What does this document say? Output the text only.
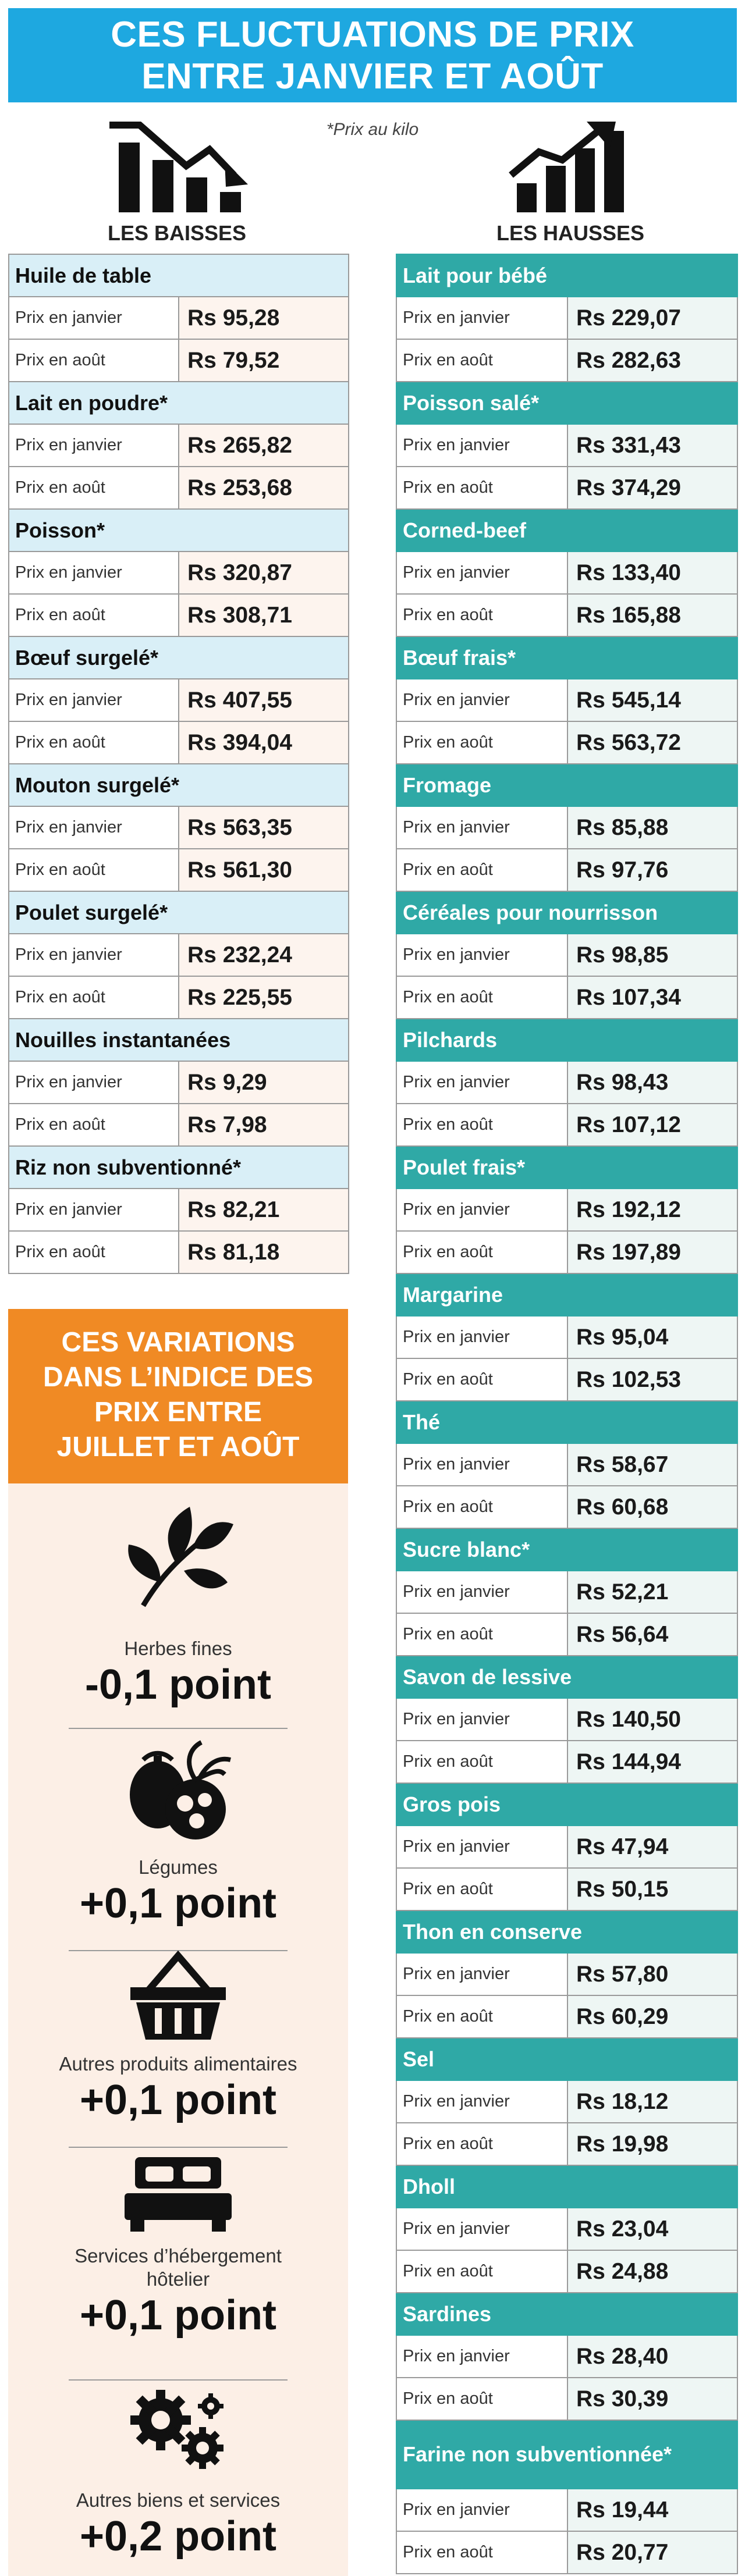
CES FLUCTUATIONS DE PRIX
ENTRE JANVIER ET AOÛT
*Prix au kilo
LES BAISSES	LES HAUSSES
Huile de table	
Prix en janvier	Rs 95,28
Prix en août	Rs 79,52
Lait en poudre*	
Prix en janvier	Rs 265,82
Prix en août	Rs 253,68
Poisson*	
Prix en janvier	Rs 320,87
Prix en août	Rs 308,71
Bœuf surgelé*	
Prix en janvier	Rs 407,55
Prix en août	Rs 394,04
Mouton surgelé*	
Prix en janvier	Rs 563,35
Prix en août	Rs 561,30
Poulet surgelé*	
Prix en janvier	Rs 232,24
Prix en août	Rs 225,55
Nouilles instantanées	
Prix en janvier	Rs 9,29
Prix en août	Rs 7,98
Riz non subventionné*	
Prix en janvier	Rs 82,21
Prix en août	Rs 81,18
Lait pour bébé	
Prix en janvier	Rs 229,07
Prix en août	Rs 282,63
Poisson salé*	
Prix en janvier	Rs 331,43
Prix en août	Rs 374,29
Corned-beef	
Prix en janvier	Rs 133,40
Prix en août	Rs 165,88
Bœuf frais*	
Prix en janvier	Rs 545,14
Prix en août	Rs 563,72
Fromage	
Prix en janvier	Rs 85,88
Prix en août	Rs 97,76
Céréales pour nourrisson	
Prix en janvier	Rs 98,85
Prix en août	Rs 107,34
Pilchards	
Prix en janvier	Rs 98,43
Prix en août	Rs 107,12
Poulet frais*	
Prix en janvier	Rs 192,12
Prix en août	Rs 197,89
Margarine	
Prix en janvier	Rs 95,04
Prix en août	Rs 102,53
Thé	
Prix en janvier	Rs 58,67
Prix en août	Rs 60,68
Sucre blanc*	
Prix en janvier	Rs 52,21
Prix en août	Rs 56,64
Savon de lessive	
Prix en janvier	Rs 140,50
Prix en août	Rs 144,94
Gros pois	
Prix en janvier	Rs 47,94
Prix en août	Rs 50,15
Thon en conserve	
Prix en janvier	Rs 57,80
Prix en août	Rs 60,29
Sel	
Prix en janvier	Rs 18,12
Prix en août	Rs 19,98
Dholl	
Prix en janvier	Rs 23,04
Prix en août	Rs 24,88
Sardines	
Prix en janvier	Rs 28,40
Prix en août	Rs 30,39
Farine non subventionnée*	
Prix en janvier	Rs 19,44
Prix en août	Rs 20,77
CES VARIATIONS
DANS L’INDICE DES
PRIX ENTRE
JUILLET ET AOÛT
Herbes fines
-0,1 point
Légumes
+0,1 point
Autres produits alimentaires
+0,1 point
Services d’hébergement
hôtelier
+0,1 point
Autres biens et services
+0,2 point
